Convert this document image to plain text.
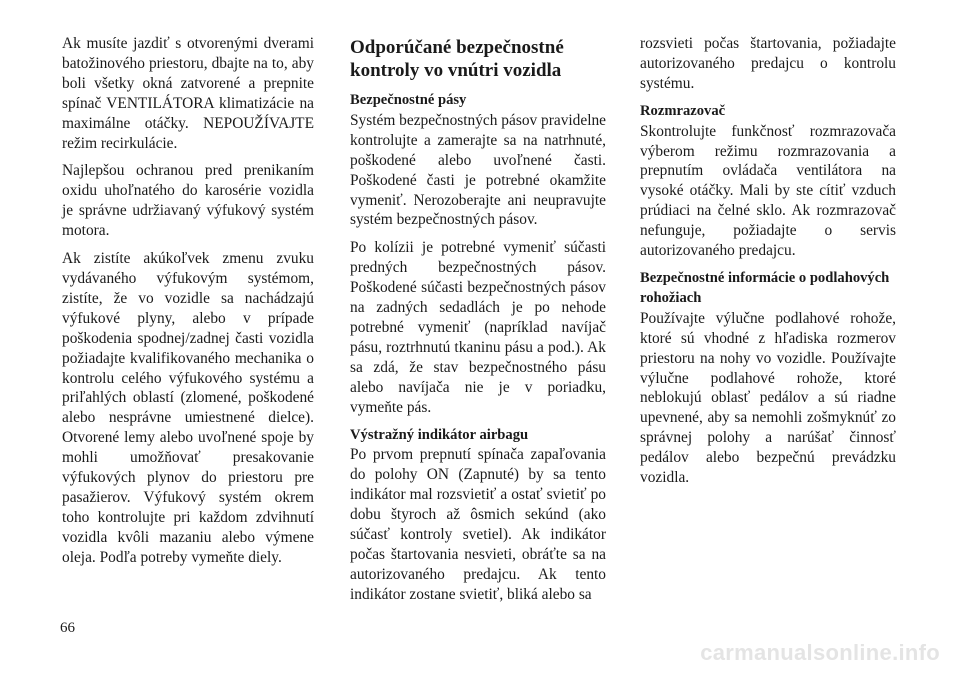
Ak musíte jazdiť s otvorenými dverami batožinového priestoru, dbajte na to, aby boli všetky okná zatvorené a prepnite spínač VENTILÁTORA klimatizácie na maximálne otáčky. NEPOUŽÍVAJTE režim recirkulácie.

Najlepšou ochranou pred prenikaním oxidu uhoľnatého do karosérie vozidla je správne udržiavaný výfukový systém motora.

Ak zistíte akúkoľvek zmenu zvuku vydávaného výfukovým systémom, zistíte, že vo vozidle sa nachádzajú výfukové plyny, alebo v prípade poškodenia spodnej/zadnej časti vozidla požiadajte kvalifikovaného mechanika o kontrolu celého výfukového systému a priľahlých oblastí (zlomené, poškodené alebo nesprávne umiestnené dielce). Otvorené lemy alebo uvoľnené spoje by mohli umožňovať presakovanie výfukových plynov do priestoru pre pasažierov. Výfukový systém okrem toho kontrolujte pri každom zdvihnutí vozidla kvôli mazaniu alebo výmene oleja. Podľa potreby vymeňte diely.

Odporúčané bezpečnostné kontroly vo vnútri vozidla
Bezpečnostné pásy

Systém bezpečnostných pásov pravidelne kontrolujte a zamerajte sa na natrhnuté, poškodené alebo uvoľnené časti. Poškodené časti je potrebné okamžite vymeniť. Nerozoberajte ani neupravujte systém bezpečnostných pásov.

Po kolízii je potrebné vymeniť súčasti predných bezpečnostných pásov. Poškodené súčasti bezpečnostných pásov na zadných sedadlách je po nehode potrebné vymeniť (napríklad navíjač pásu, roztrhnutú tkaninu pásu a pod.). Ak sa zdá, že stav bezpečnostného pásu alebo navíjača nie je v poriadku, vymeňte pás.

Výstražný indikátor airbagu

Po prvom prepnutí spínača zapaľovania do polohy ON (Zapnuté) by sa tento indikátor mal rozsvietiť a ostať svietiť po dobu štyroch až ôsmich sekúnd (ako súčasť kontroly svetiel). Ak indikátor počas štartovania nesvieti, obráťte sa na autorizovaného predajcu. Ak tento indikátor zostane svietiť, bliká alebo sa

rozsvieti počas štartovania, požiadajte autorizovaného predajcu o kontrolu systému.

Rozmrazovač

Skontrolujte funkčnosť rozmrazovača výberom režimu rozmrazovania a prepnutím ovládača ventilátora na vysoké otáčky. Mali by ste cítiť vzduch prúdiaci na čelné sklo. Ak rozmrazovač nefunguje, požiadajte o servis autorizovaného predajcu.

Bezpečnostné informácie o podlahových rohožiach

Používajte výlučne podlahové rohože, ktoré sú vhodné z hľadiska rozmerov priestoru na nohy vo vozidle. Používajte výlučne podlahové rohože, ktoré neblokujú oblasť pedálov a sú riadne upevnené, aby sa nemohli zošmyknúť zo správnej polohy a narúšať činnosť pedálov alebo bezpečnú prevádzku vozidla.

66
carmanualsonline.info
